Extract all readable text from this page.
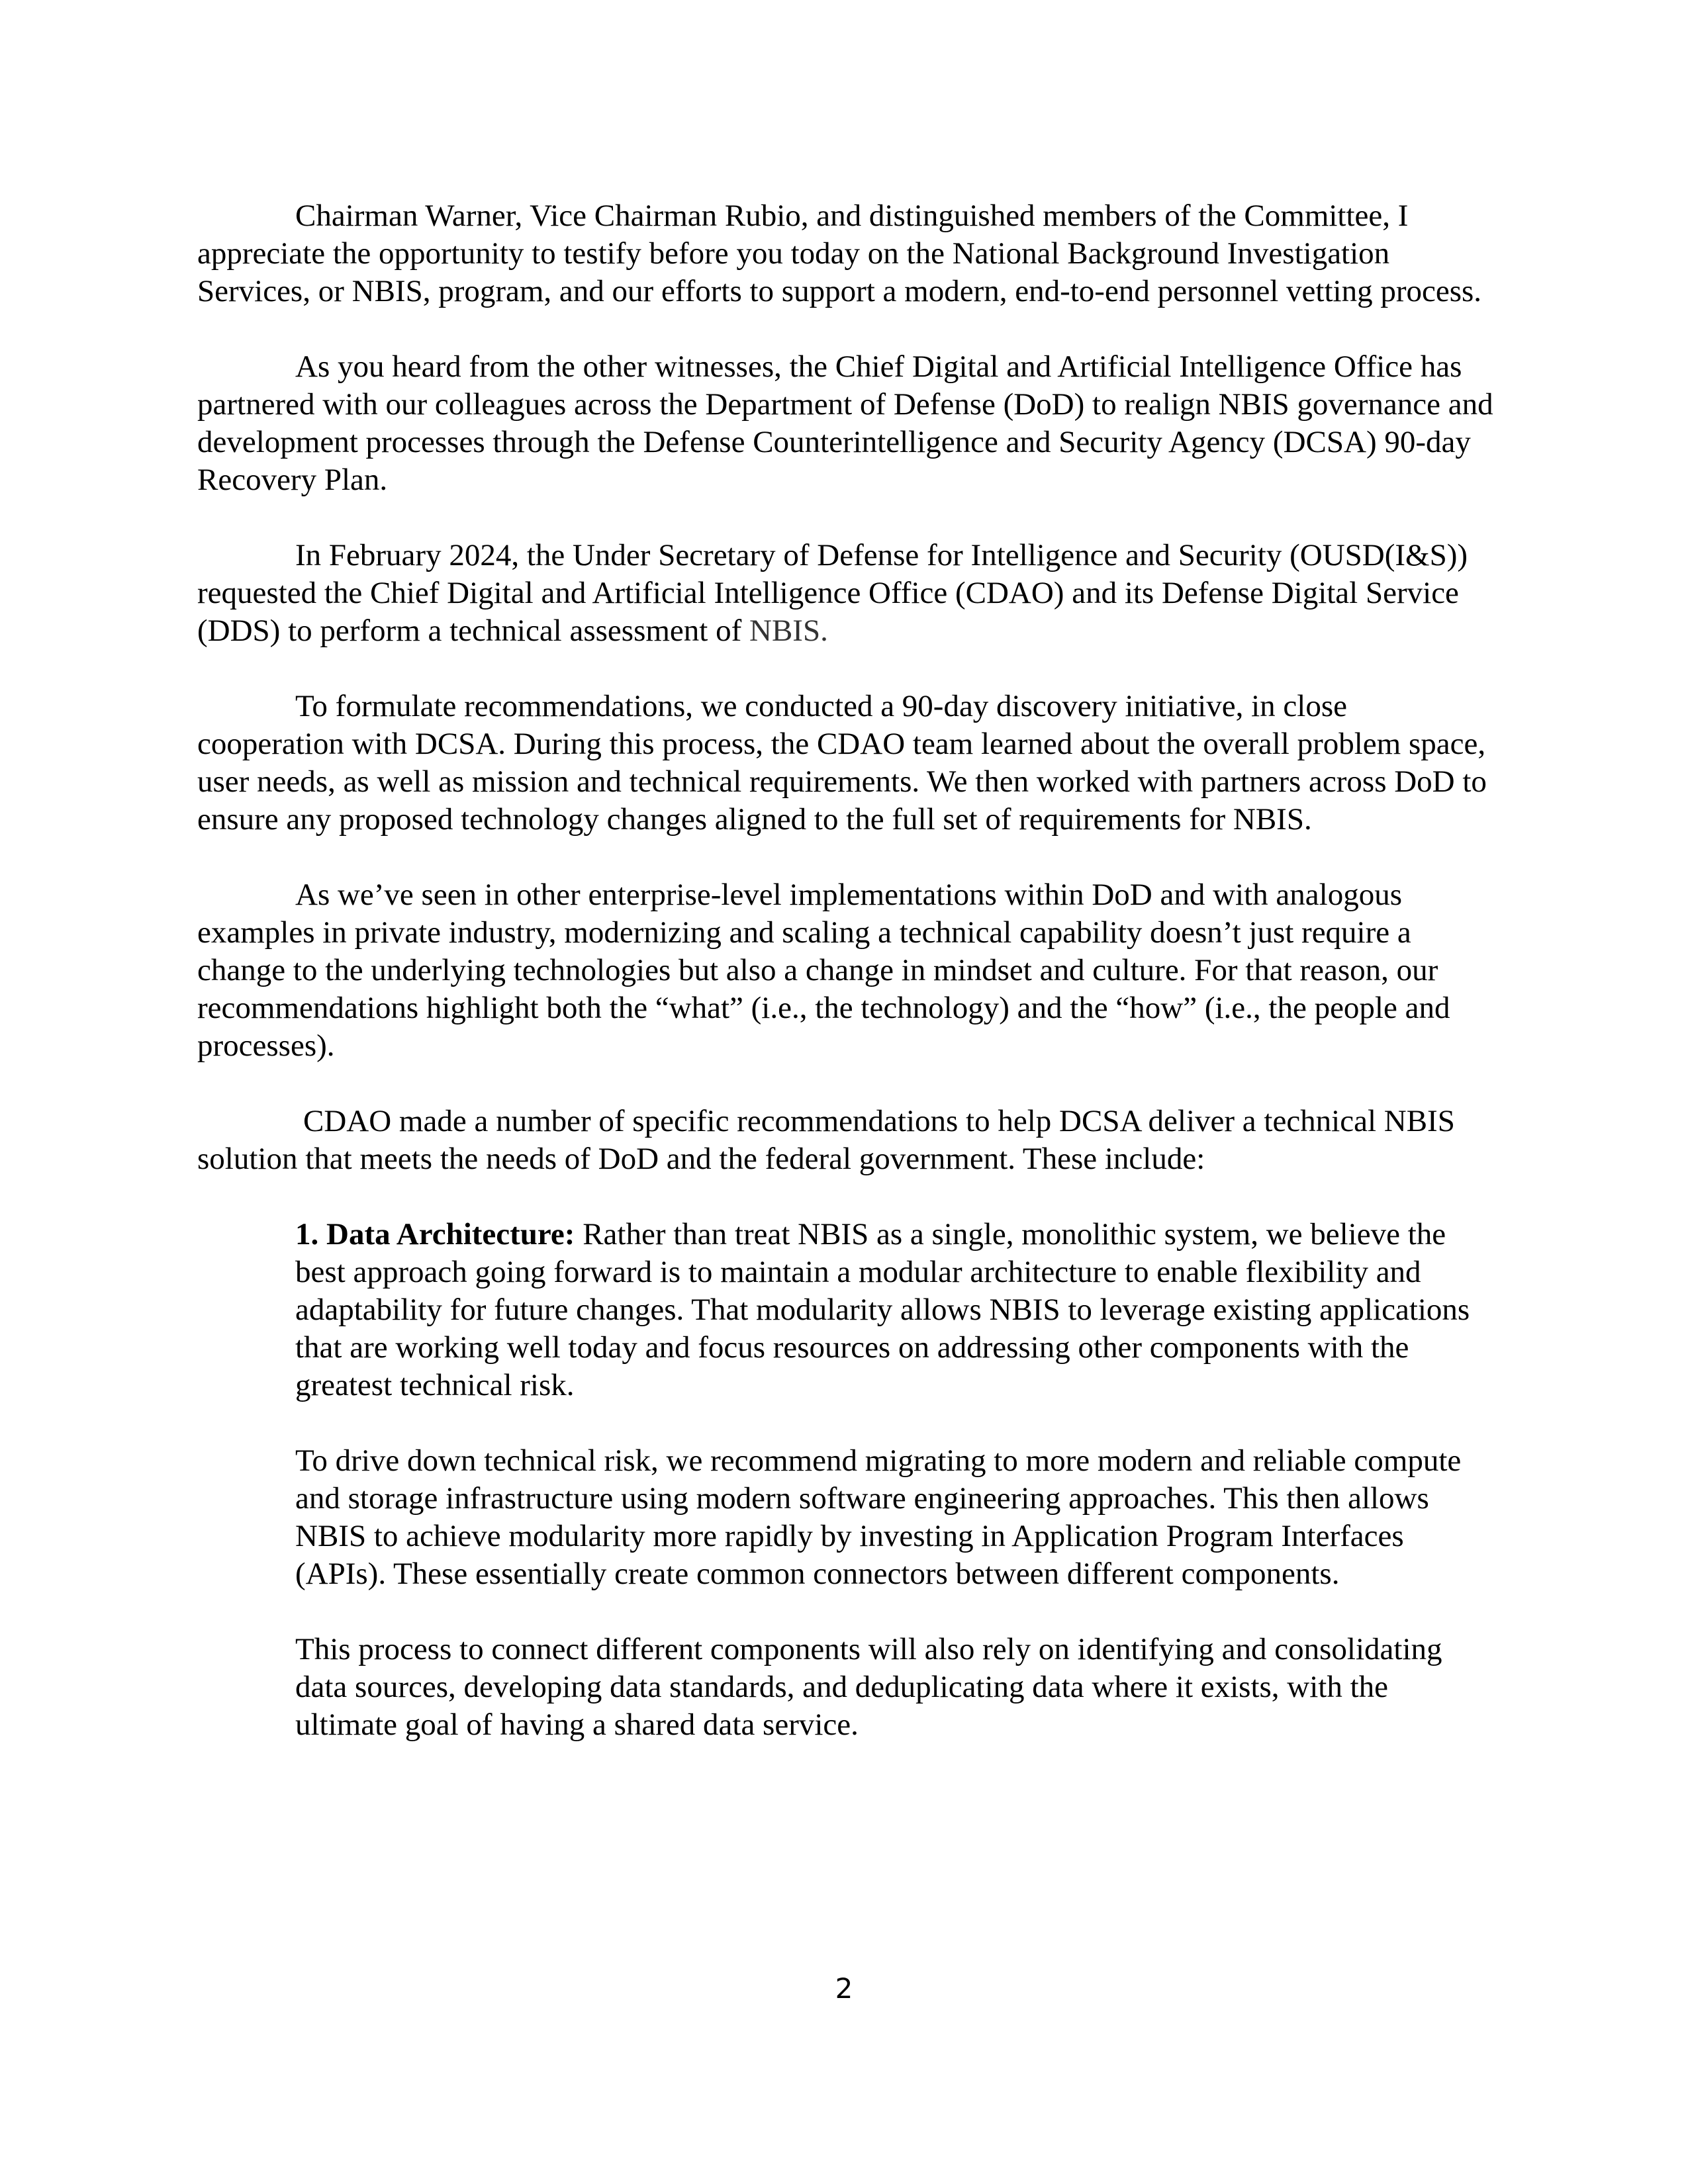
Chairman Warner, Vice Chairman Rubio, and distinguished members of the Committee, I appreciate the opportunity to testify before you today on the National Background Investigation Services, or NBIS, program, and our efforts to support a modern, end-to-end personnel vetting process.

As you heard from the other witnesses, the Chief Digital and Artificial Intelligence Office has partnered with our colleagues across the Department of Defense (DoD) to realign NBIS governance and development processes through the Defense Counterintelligence and Security Agency (DCSA) 90-day Recovery Plan.

In February 2024, the Under Secretary of Defense for Intelligence and Security (OUSD(I&S)) requested the Chief Digital and Artificial Intelligence Office (CDAO) and its Defense Digital Service (DDS) to perform a technical assessment of NBIS.

To formulate recommendations, we conducted a 90-day discovery initiative, in close cooperation with DCSA. During this process, the CDAO team learned about the overall problem space, user needs, as well as mission and technical requirements. We then worked with partners across DoD to ensure any proposed technology changes aligned to the full set of requirements for NBIS.

As we’ve seen in other enterprise-level implementations within DoD and with analogous examples in private industry, modernizing and scaling a technical capability doesn’t just require a change to the underlying technologies but also a change in mindset and culture. For that reason, our recommendations highlight both the “what” (i.e., the technology) and the “how” (i.e., the people and processes).

CDAO made a number of specific recommendations to help DCSA deliver a technical NBIS solution that meets the needs of DoD and the federal government. These include:

1. Data Architecture: Rather than treat NBIS as a single, monolithic system, we believe the best approach going forward is to maintain a modular architecture to enable flexibility and adaptability for future changes. That modularity allows NBIS to leverage existing applications that are working well today and focus resources on addressing other components with the greatest technical risk.

To drive down technical risk, we recommend migrating to more modern and reliable compute and storage infrastructure using modern software engineering approaches. This then allows NBIS to achieve modularity more rapidly by investing in Application Program Interfaces (APIs). These essentially create common connectors between different components.

This process to connect different components will also rely on identifying and consolidating data sources, developing data standards, and deduplicating data where it exists, with the ultimate goal of having a shared data service.

2
